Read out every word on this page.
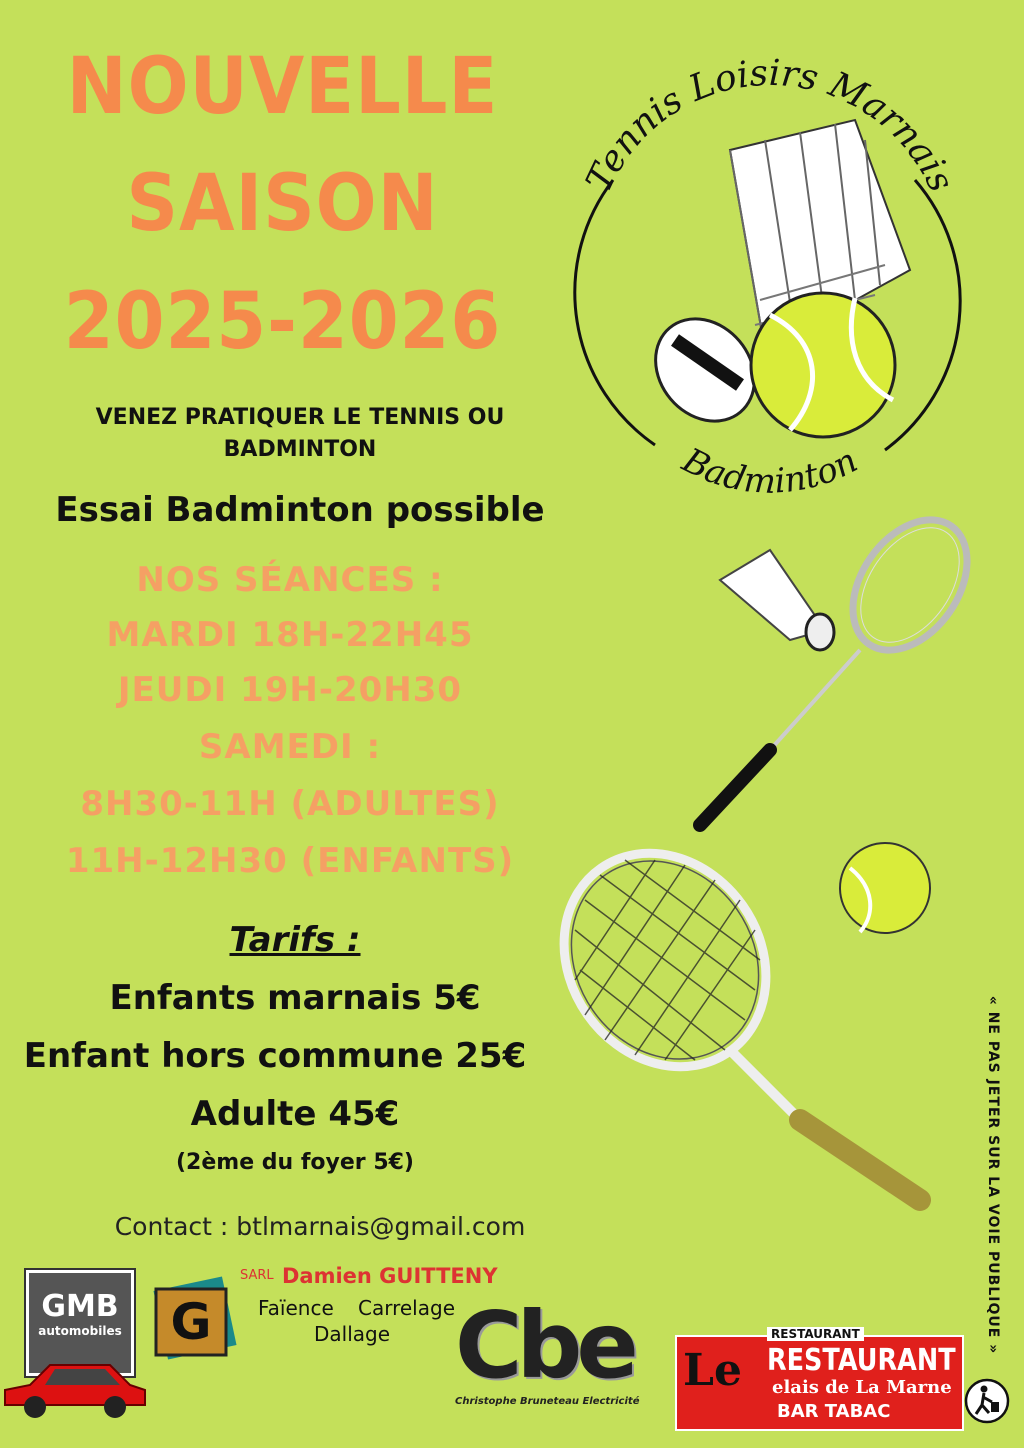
NOUVELLE
SAISON
2025-2026
VENEZ PRATIQUER LE TENNIS OU
BADMINTON
Essai Badminton possible
NOS SÉANCES :
MARDI 18H-22H45
JEUDI 19H-20H30
SAMEDI :
8H30-11H (ADULTES)
11H-12H30 (ENFANTS)
Tarifs :
Enfants marnais 5€
Enfant hors commune 25€
Adulte 45€
(2ème du foyer 5€)
Contact : btlmarnais@gmail.com
Tennis Loisirs Marnais
Badminton
« NE PAS JETER SUR LA VOIE PUBLIQUE »
GMB
automobiles G
SARL Damien GUITTENY
Faïence Carrelage
Dallage Cbe
Christophe Bruneteau Electricité
RESTAURANT
Le RESTAURANT
elais de La Marne
BAR TABAC
